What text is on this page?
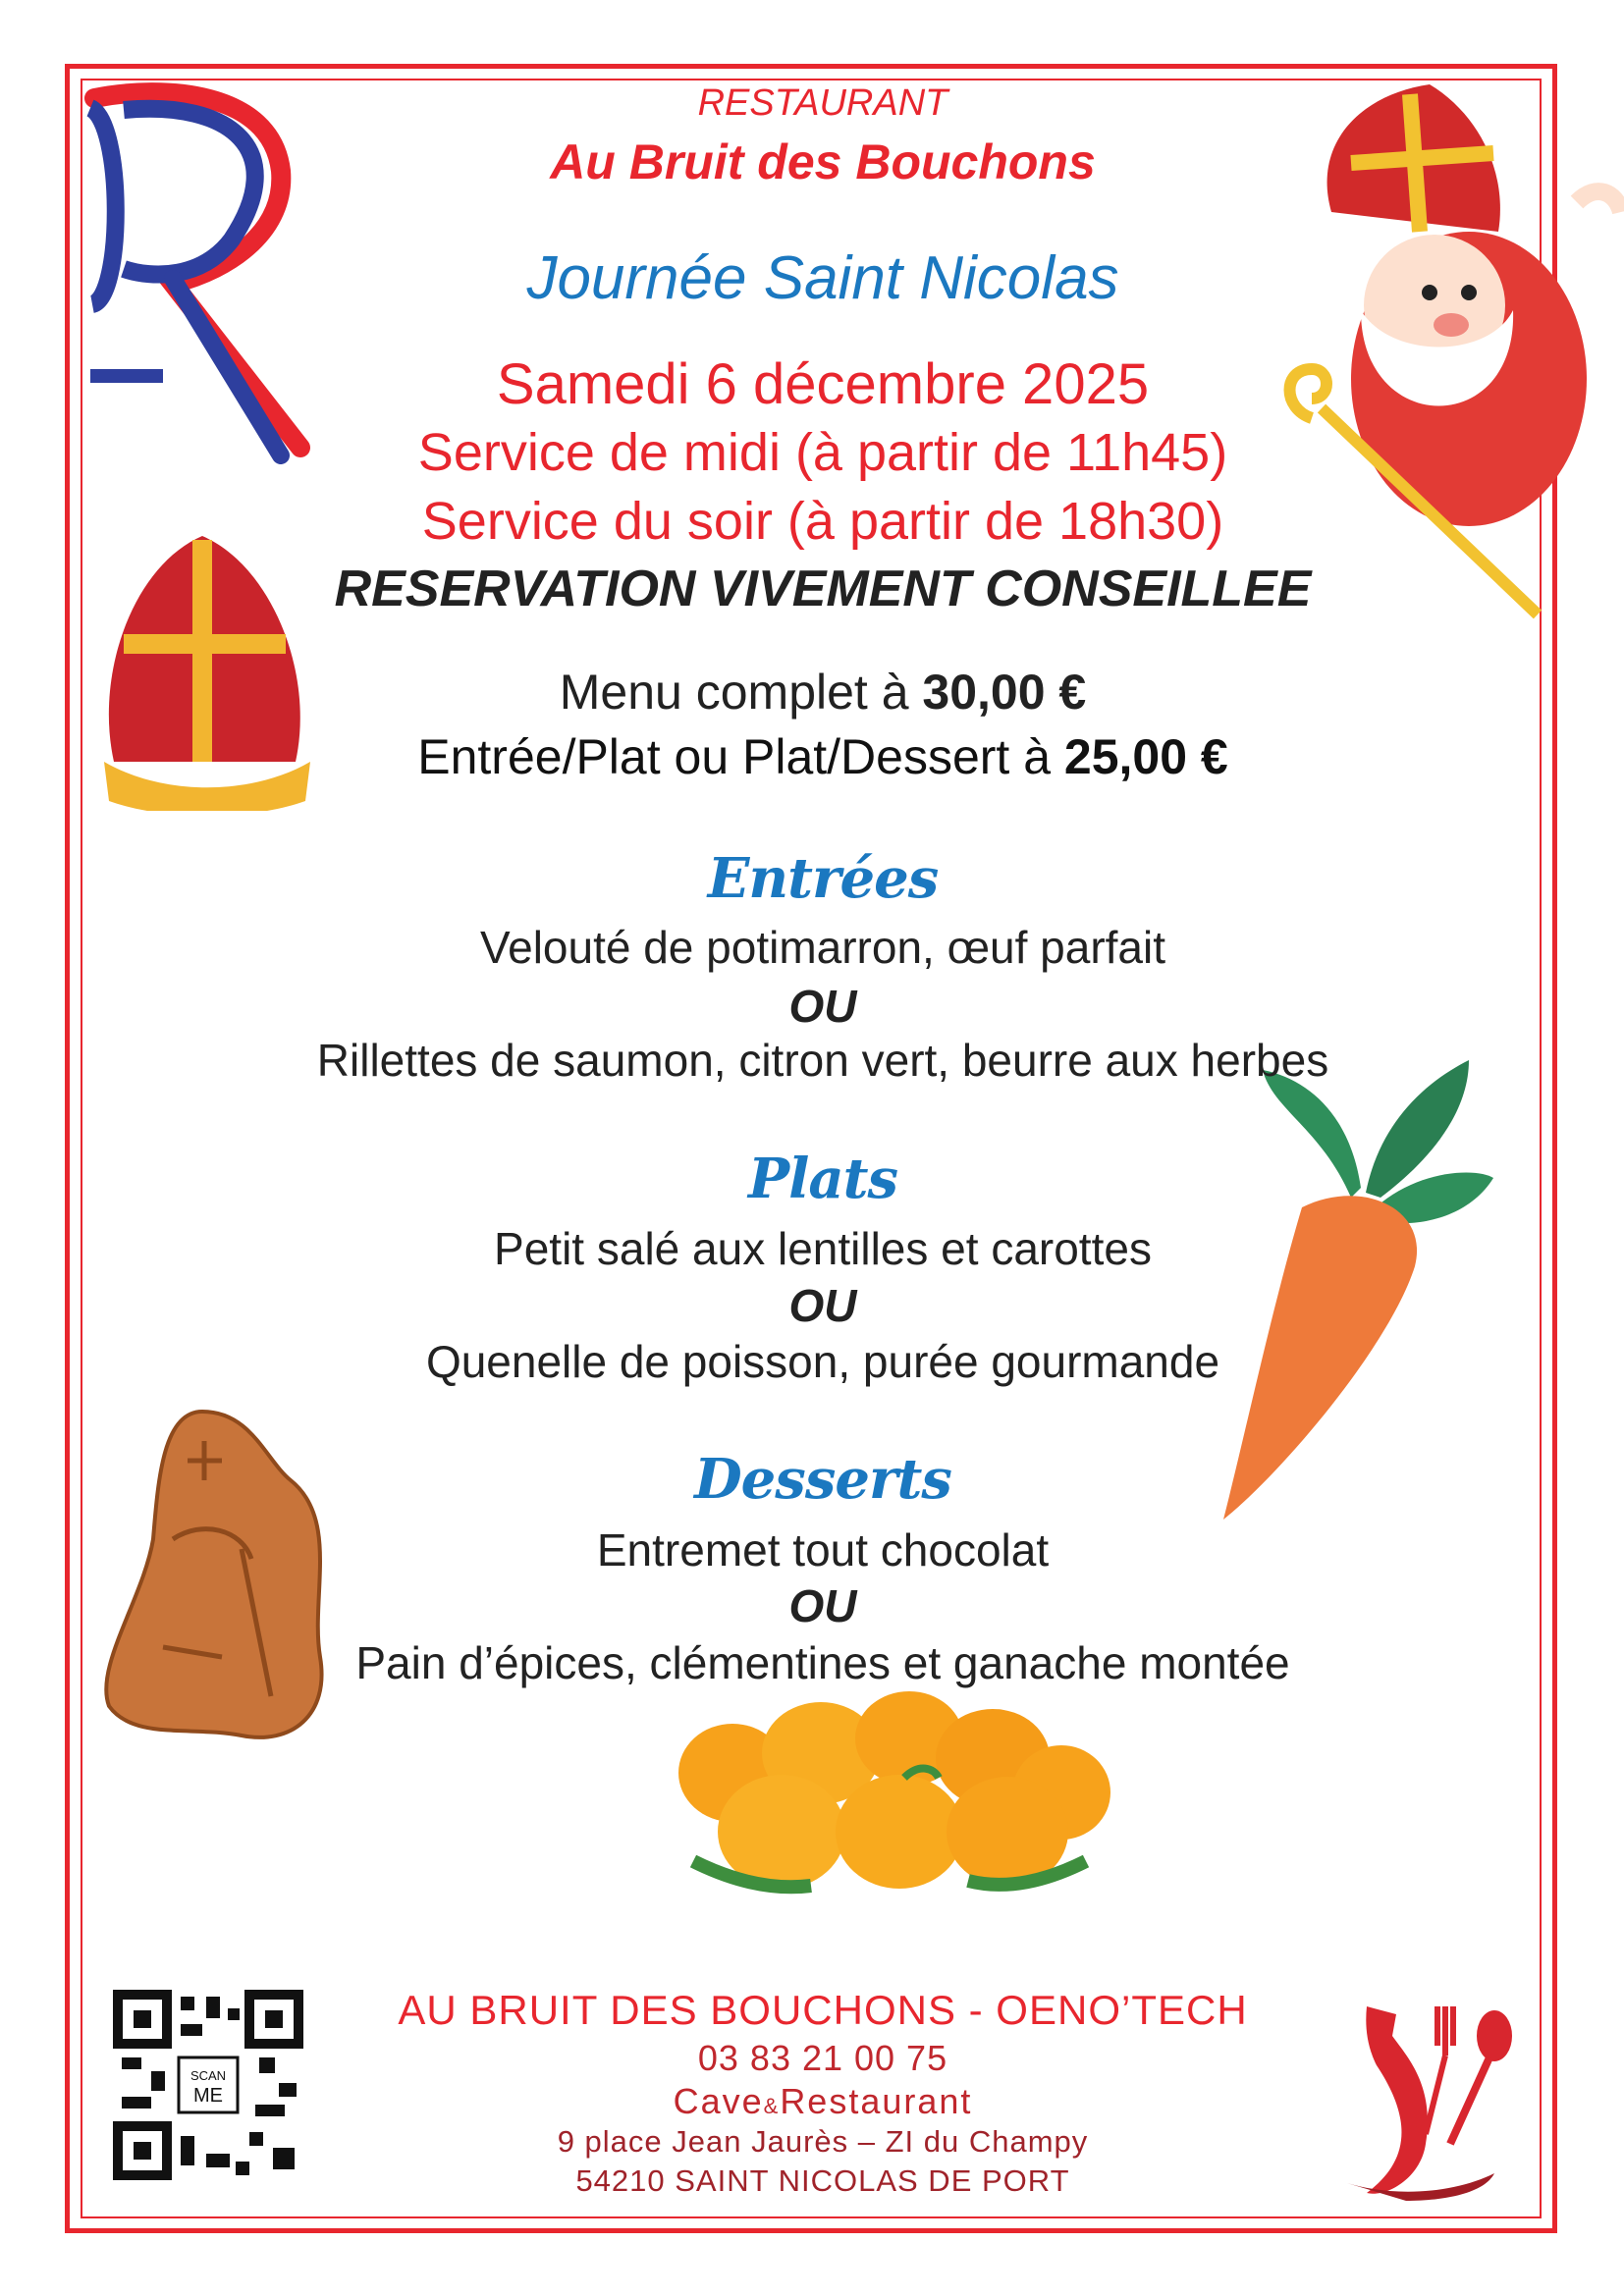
SCAN
ME
RESTAURANT
Au Bruit des Bouchons
Journée Saint Nicolas
Samedi 6 décembre 2025
Service de midi (à partir de 11h45)
Service du soir (à partir de 18h30)
RESERVATION VIVEMENT CONSEILLEE
Menu complet à 30,00 €
Entrée/Plat ou Plat/Dessert à 25,00 €
Entrées
Velouté de potimarron, œuf parfait
OU
Rillettes de saumon, citron vert, beurre aux herbes
Plats
Petit salé aux lentilles et carottes
OU
Quenelle de poisson, purée gourmande
Desserts
Entremet tout chocolat
OU
Pain d’épices, clémentines et ganache montée
AU BRUIT DES BOUCHONS - OENO’TECH
03 83 21 00 75
Cave&Restaurant
9 place Jean Jaurès – ZI du Champy
54210 SAINT NICOLAS DE PORT
